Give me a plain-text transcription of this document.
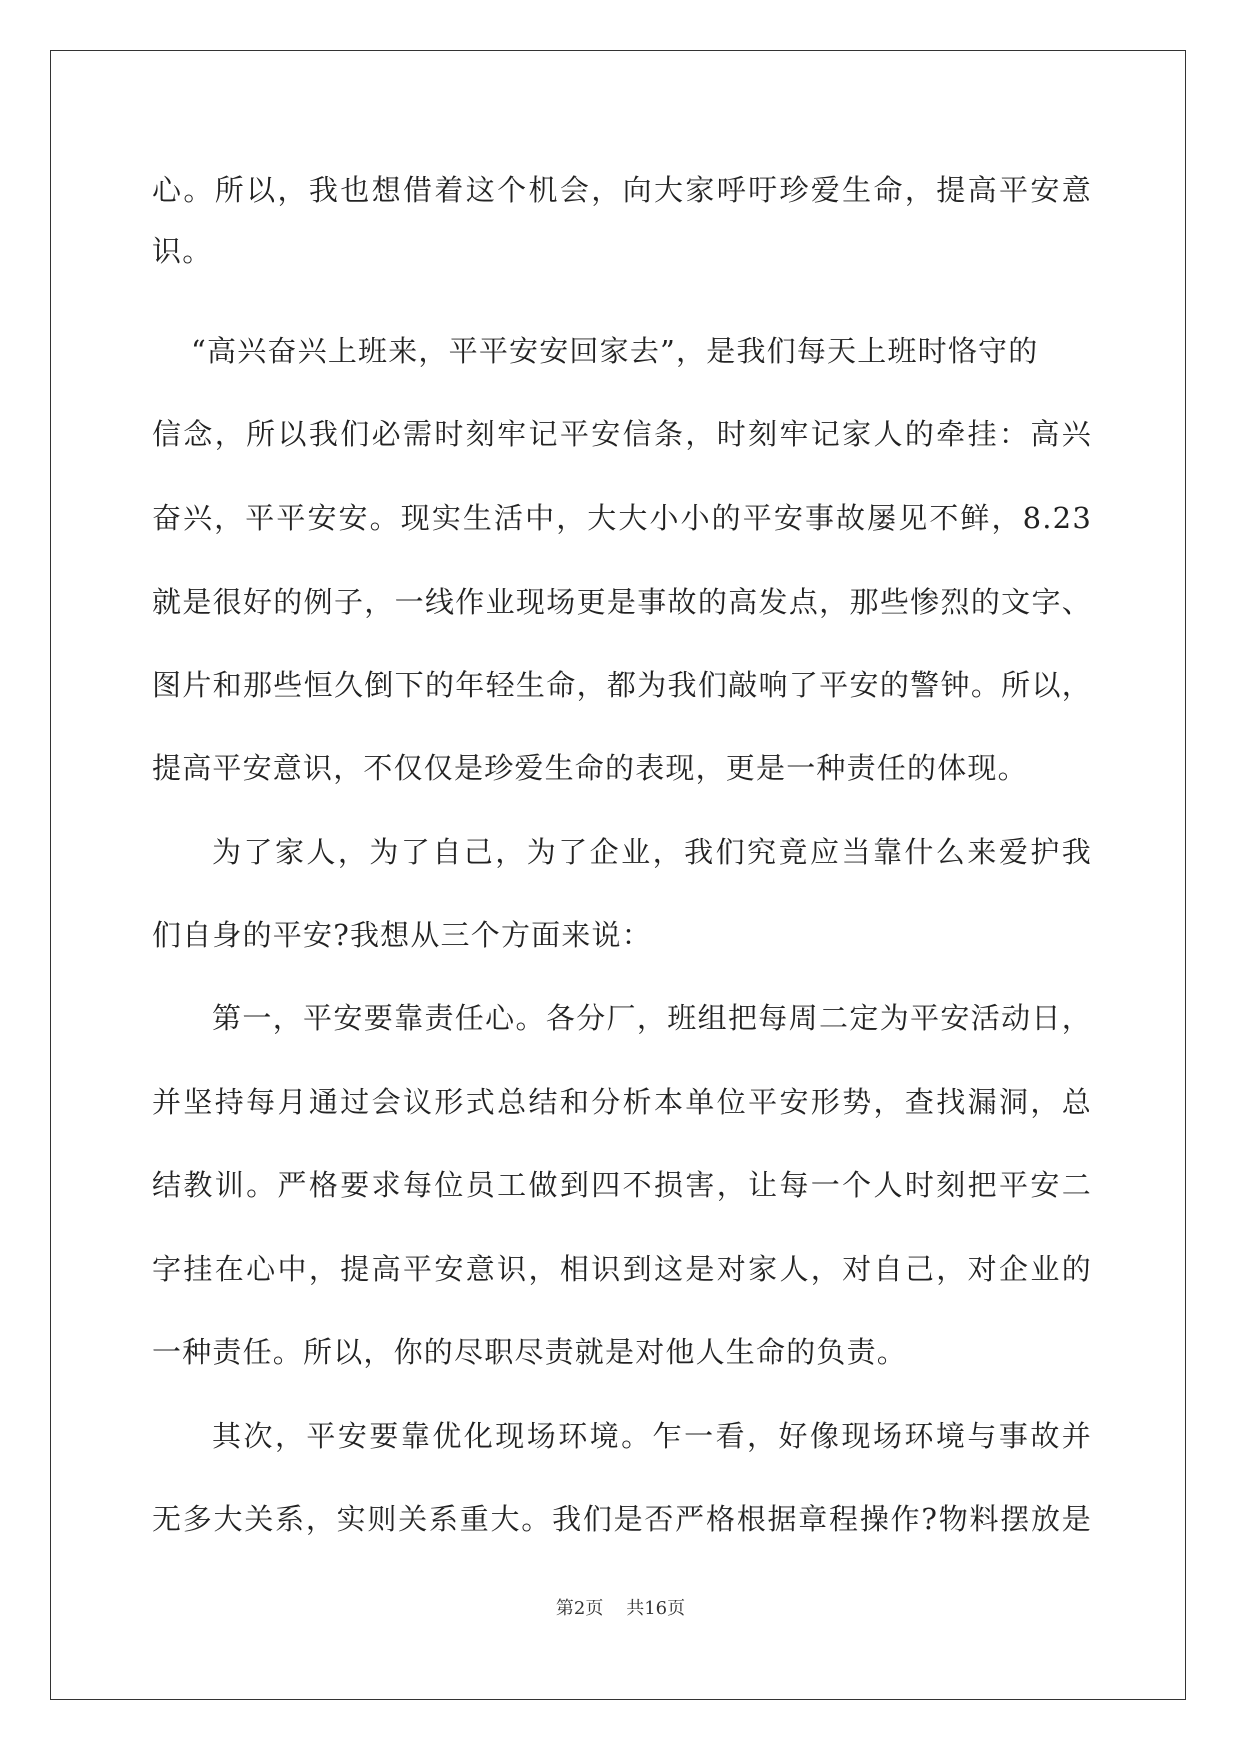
心。所以，我也想借着这个机会，向大家呼吁珍爱生命，提高平安意
识。
“高兴奋兴上班来，平平安安回家去”，是我们每天上班时恪守的
信念，所以我们必需时刻牢记平安信条，时刻牢记家人的牵挂：高兴
奋兴，平平安安。现实生活中，大大小小的平安事故屡见不鲜，8.23
就是很好的例子，一线作业现场更是事故的高发点，那些惨烈的文字、
图片和那些恒久倒下的年轻生命，都为我们敲响了平安的警钟。所以，
提高平安意识，不仅仅是珍爱生命的表现，更是一种责任的体现。
为了家人，为了自己，为了企业，我们究竟应当靠什么来爱护我
们自身的平安?我想从三个方面来说：
第一，平安要靠责任心。各分厂，班组把每周二定为平安活动日，
并坚持每月通过会议形式总结和分析本单位平安形势，查找漏洞，总
结教训。严格要求每位员工做到四不损害，让每一个人时刻把平安二
字挂在心中，提高平安意识，相识到这是对家人，对自己，对企业的
一种责任。所以，你的尽职尽责就是对他人生命的负责。
其次，平安要靠优化现场环境。乍一看，好像现场环境与事故并
无多大关系，实则关系重大。我们是否严格根据章程操作?物料摆放是
第2页 共16页
